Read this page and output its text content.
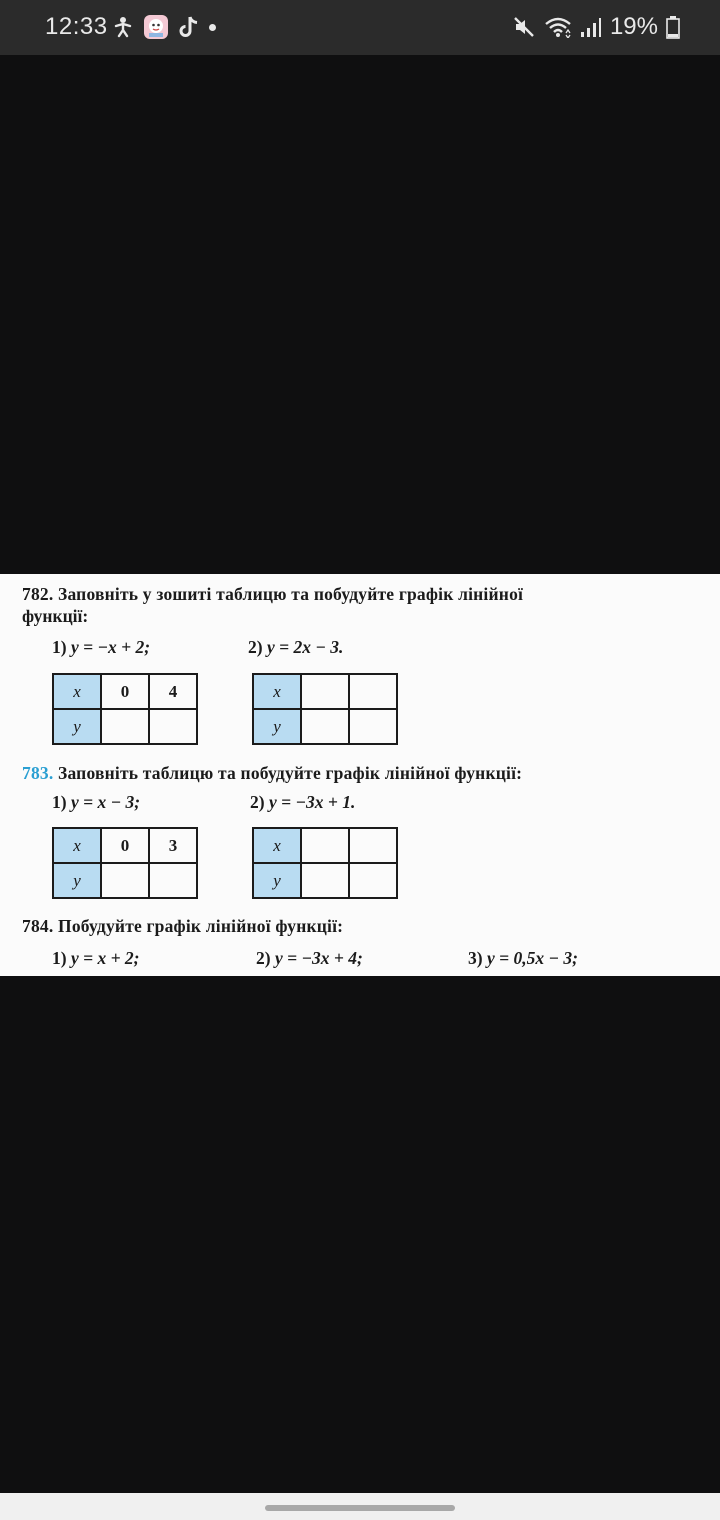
12:33	19%
782. Заповніть у зошиті таблицю та побудуйте графік лінійної
функції:
1) y = −x + 2;	2) y = 2x − 3.
x	0	4
y		
x		
y		
783. Заповніть таблицю та побудуйте графік лінійної функції:
1) y = x − 3;	2) y = −3x + 1.
x	0	3
y		
x		
y		
784. Побудуйте графік лінійної функції:
1) y = x + 2;	2) y = −3x + 4;	3) y = 0,5x − 3;
